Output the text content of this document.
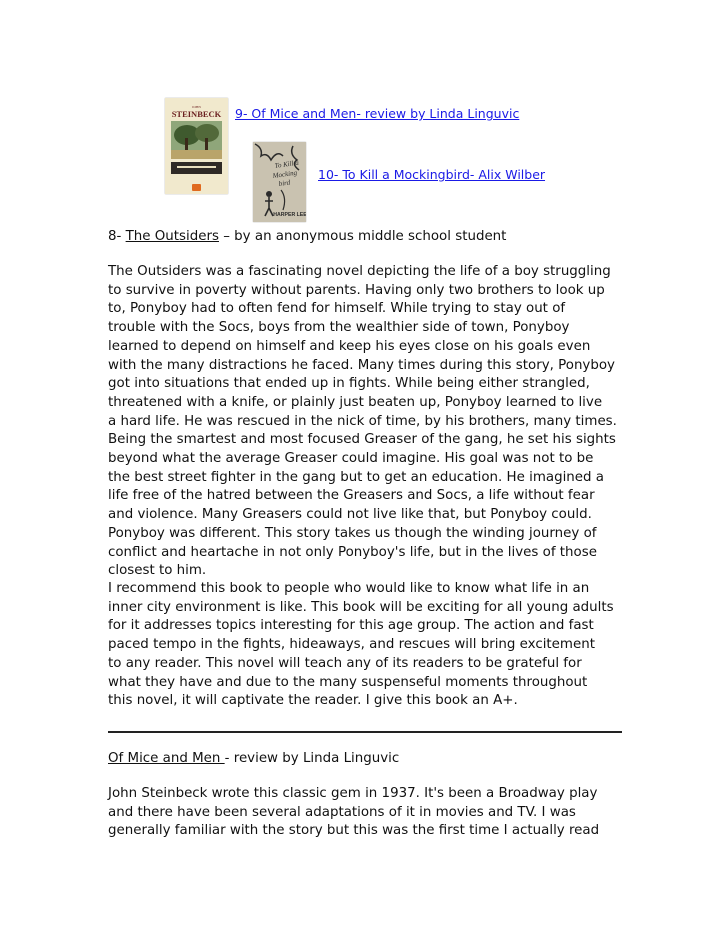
JOHN
STEINBECK
To Kill a
Mocking
bird
HARPER LEE
9- Of Mice and Men- review by Linda Linguvic
10- To Kill a Mockingbird- Alix Wilber

8- The Outsiders – by an anonymous middle school student

The Outsiders was a fascinating novel depicting the life of a boy struggling
to survive in poverty without parents. Having only two brothers to look up
to, Ponyboy had to often fend for himself. While trying to stay out of
trouble with the Socs, boys from the wealthier side of town, Ponyboy
learned to depend on himself and keep his eyes close on his goals even
with the many distractions he faced. Many times during this story, Ponyboy
got into situations that ended up in fights. While being either strangled,
threatened with a knife, or plainly just beaten up, Ponyboy learned to live
a hard life. He was rescued in the nick of time, by his brothers, many times.
Being the smartest and most focused Greaser of the gang, he set his sights
beyond what the average Greaser could imagine. His goal was not to be
the best street fighter in the gang but to get an education. He imagined a
life free of the hatred between the Greasers and Socs, a life without fear
and violence. Many Greasers could not live like that, but Ponyboy could.
Ponyboy was different. This story takes us though the winding journey of
conflict and heartache in not only Ponyboy's life, but in the lives of those
closest to him.

I recommend this book to people who would like to know what life in an
inner city environment is like. This book will be exciting for all young adults
for it addresses topics interesting for this age group. The action and fast
paced tempo in the fights, hideaways, and rescues will bring excitement
to any reader. This novel will teach any of its readers to be grateful for
what they have and due to the many suspenseful moments throughout
this novel, it will captivate the reader. I give this book an A+.

Of Mice and Men - review by Linda Linguvic

John Steinbeck wrote this classic gem in 1937. It's been a Broadway play
and there have been several adaptations of it in movies and TV. I was
generally familiar with the story but this was the first time I actually read
